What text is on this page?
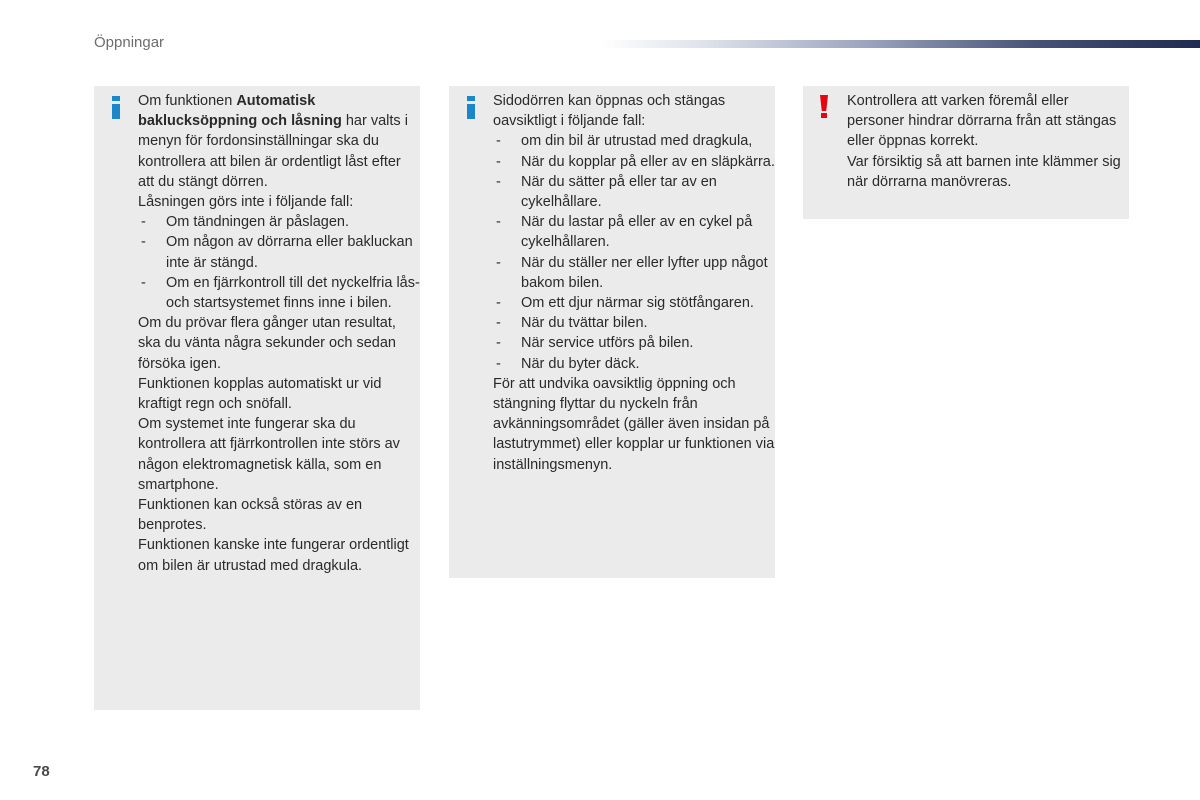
Öppningar

Om funktionen Automatisk baklucksöppning och låsning har valts i menyn för fordonsinställningar ska du kontrollera att bilen är ordentligt låst efter att du stängt dörren.

Låsningen görs inte i följande fall:

- Om tändningen är påslagen.
- Om någon av dörrarna eller bakluckan inte är stängd.
- Om en fjärrkontroll till det nyckelfria lås- och startsystemet finns inne i bilen.

Om du prövar flera gånger utan resultat, ska du vänta några sekunder och sedan försöka igen.

Funktionen kopplas automatiskt ur vid kraftigt regn och snöfall.

Om systemet inte fungerar ska du kontrollera att fjärrkontrollen inte störs av någon elektromagnetisk källa, som en smartphone.

Funktionen kan också störas av en benprotes.

Funktionen kanske inte fungerar ordentligt om bilen är utrustad med dragkula.

Sidodörren kan öppnas och stängas oavsiktligt i följande fall:

- om din bil är utrustad med dragkula,
- När du kopplar på eller av en släpkärra.
- När du sätter på eller tar av en cykelhållare.
- När du lastar på eller av en cykel på cykelhållaren.
- När du ställer ner eller lyfter upp något bakom bilen.
- Om ett djur närmar sig stötfångaren.
- När du tvättar bilen.
- När service utförs på bilen.
- När du byter däck.

För att undvika oavsiktlig öppning och stängning flyttar du nyckeln från avkänningsområdet (gäller även insidan på lastutrymmet) eller kopplar ur funktionen via inställningsmenyn.

Kontrollera att varken föremål eller personer hindrar dörrarna från att stängas eller öppnas korrekt.

Var försiktig så att barnen inte klämmer sig när dörrarna manövreras.

78
